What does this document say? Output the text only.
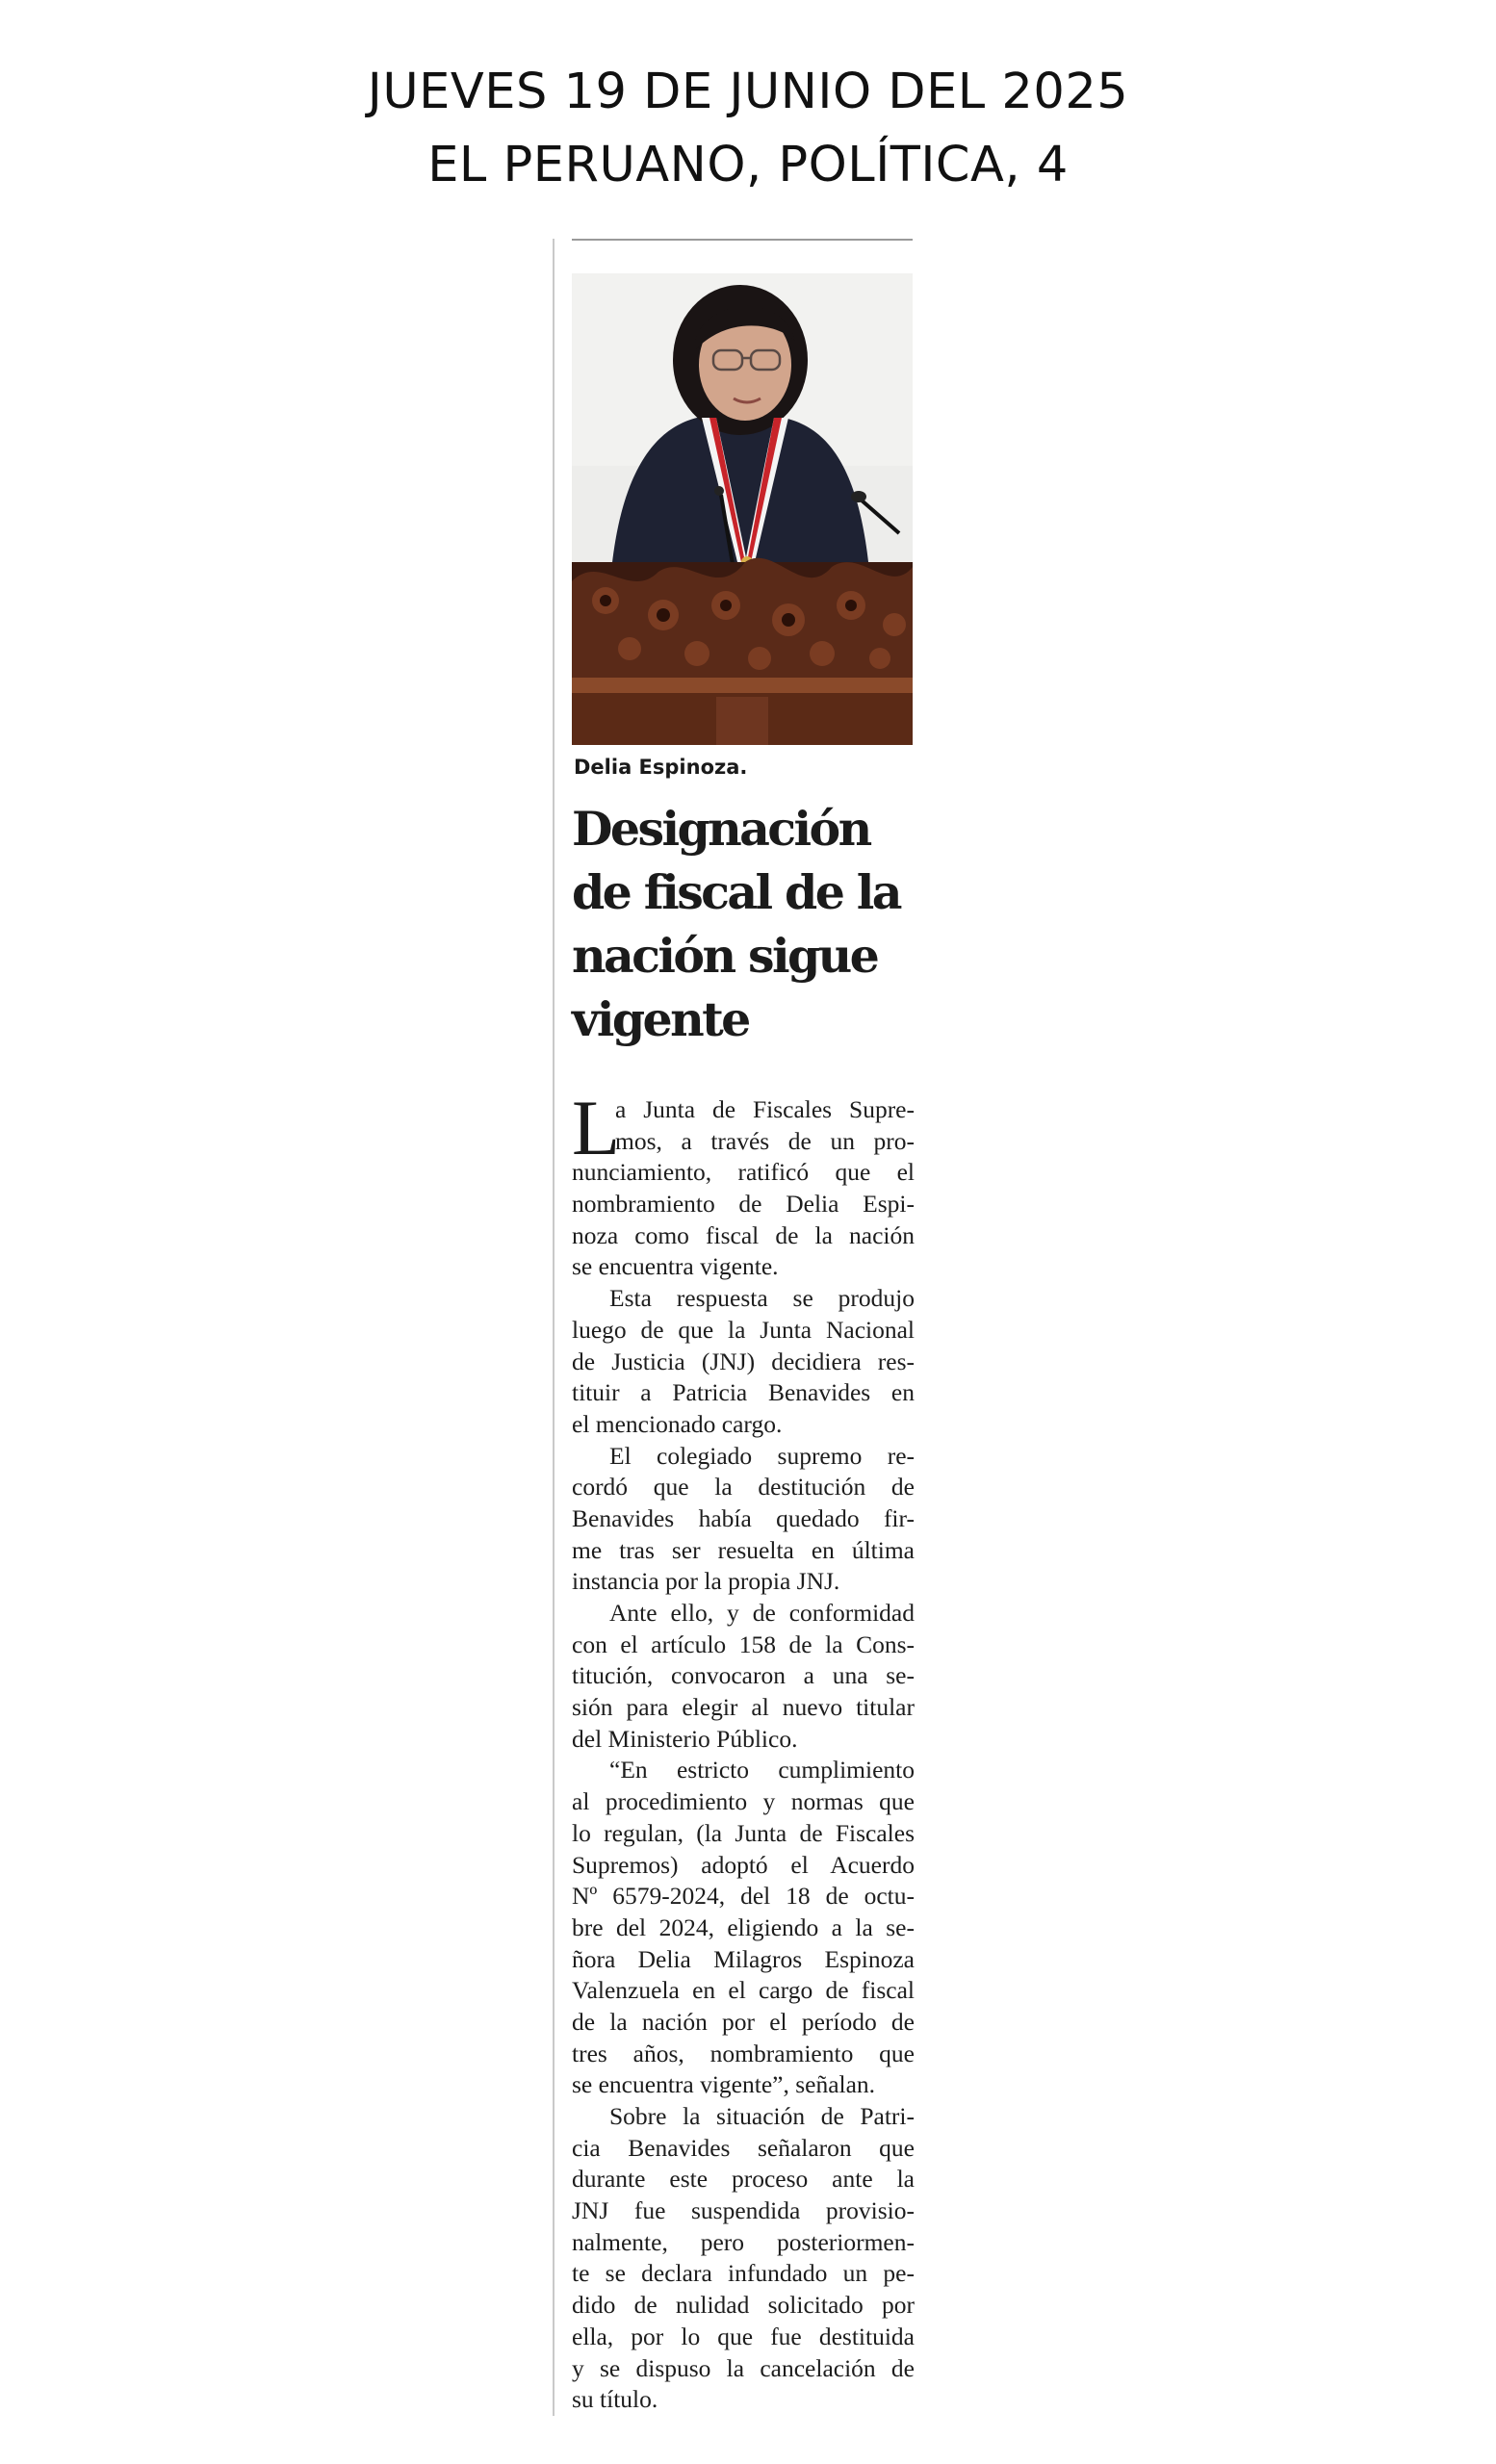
JUEVES 19 DE JUNIO DEL 2025
EL PERUANO, POLÍTICA, 4
Delia Espinoza.
Designación
de fiscal de la
nación sigue
vigente
L
a Junta de Fiscales Supre-
mos, a través de un pro-
nunciamiento, ratificó que el
nombramiento de Delia Espi-
noza como fiscal de la nación
se encuentra vigente.
Esta respuesta se produjo
luego de que la Junta Nacional
de Justicia (JNJ) decidiera res-
tituir a Patricia Benavides en
el mencionado cargo.
El colegiado supremo re-
cordó que la destitución de
Benavides había quedado fir-
me tras ser resuelta en última
instancia por la propia JNJ.
Ante ello, y de conformidad
con el artículo 158 de la Cons-
titución, convocaron a una se-
sión para elegir al nuevo titular
del Ministerio Público.
“En estricto cumplimiento
al procedimiento y normas que
lo regulan, (la Junta de Fiscales
Supremos) adoptó el Acuerdo
Nº 6579-2024, del 18 de octu-
bre del 2024, eligiendo a la se-
ñora Delia Milagros Espinoza
Valenzuela en el cargo de fiscal
de la nación por el período de
tres años, nombramiento que
se encuentra vigente”, señalan.
Sobre la situación de Patri-
cia Benavides señalaron que
durante este proceso ante la
JNJ fue suspendida provisio-
nalmente, pero posteriormen-
te se declara infundado un pe-
dido de nulidad solicitado por
ella, por lo que fue destituida
y se dispuso la cancelación de
su título.
